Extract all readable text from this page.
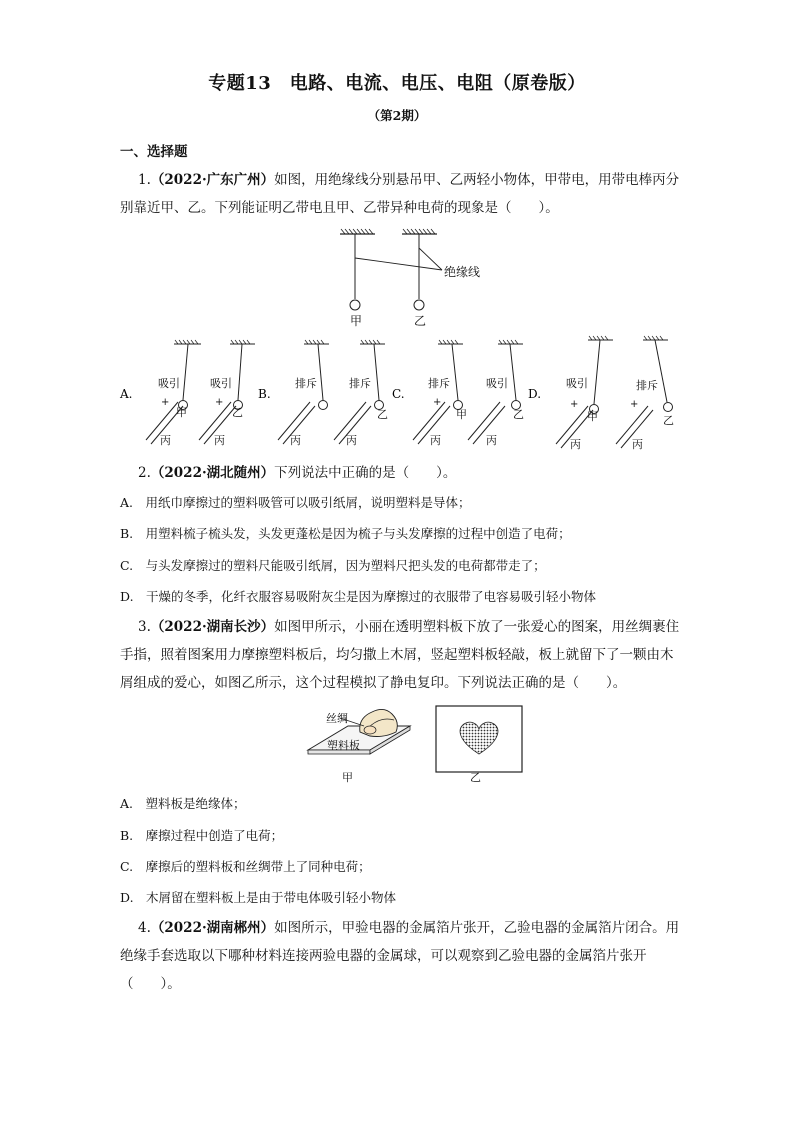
专题13　电路、电流、电压、电阻（原卷版）
（第2期）
一、选择题
1.（2022·广东广州）如图，用绝缘线分别悬吊甲、乙两轻小物体，甲带电，用带电棒丙分别靠近甲、乙。下列能证明乙带电且甲、乙带异种电荷的现象是（　　）。
绝缘线
甲	乙
A.	B.	C.	D.
吸引	吸引	排斥	排斥	排斥	吸引	吸引	排斥
甲	乙	乙	甲	乙	甲	乙
+	+	+	+	+
丙	丙	丙	丙	丙	丙	丙	丙
2.（2022·湖北随州）下列说法中正确的是（　　）。
A.　用纸巾摩擦过的塑料吸管可以吸引纸屑，说明塑料是导体；
B.　用塑料梳子梳头发，头发更蓬松是因为梳子与头发摩擦的过程中创造了电荷；
C.　与头发摩擦过的塑料尺能吸引纸屑，因为塑料尺把头发的电荷都带走了；
D.　干燥的冬季，化纤衣服容易吸附灰尘是因为摩擦过的衣服带了电容易吸引轻小物体
3.（2022·湖南长沙）如图甲所示，小丽在透明塑料板下放了一张爱心的图案，用丝绸裹住手指，照着图案用力摩擦塑料板后，均匀撒上木屑，竖起塑料板轻敲，板上就留下了一颗由木屑组成的爱心，如图乙所示，这个过程模拟了静电复印。下列说法正确的是（　　）。
丝绸
塑料板
甲	乙
A.　塑料板是绝缘体；
B.　摩擦过程中创造了电荷；
C.　摩擦后的塑料板和丝绸带上了同种电荷；
D.　木屑留在塑料板上是由于带电体吸引轻小物体
4.（2022·湖南郴州）如图所示，甲验电器的金属箔片张开，乙验电器的金属箔片闭合。用绝缘手套选取以下哪种材料连接两验电器的金属球，可以观察到乙验电器的金属箔片张开（　　）。
